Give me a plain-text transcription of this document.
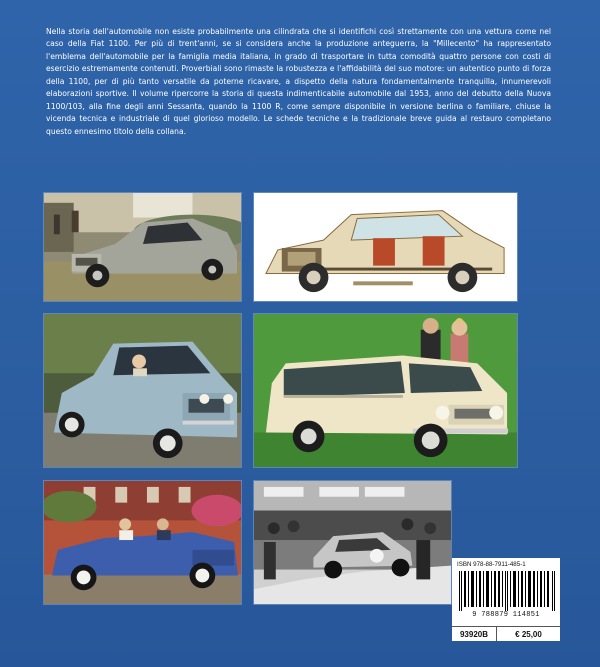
Nella storia dell'automobile non esiste probabilmente una cilindrata che si identifichi così strettamente con una vettura come nel caso della Fiat 1100. Per più di trent'anni, se si considera anche la produzione anteguerra, la "Millecento" ha rappresentato l'emblema dell'automobile per la famiglia media italiana, in grado di trasportare in tutta comodità quattro persone con costi di esercizio estremamente contenuti. Proverbiali sono rimaste la robustezza e l'affidabilità del suo motore: un autentico punto di forza della 1100, per di più tanto versatile da poterne ricavare, a dispetto della natura fondamentalmente tranquilla, innumerevoli elaborazioni sportive. Il volume ripercorre la storia di questa indimenticabile automobile dal 1953, anno del debutto della Nuova 1100/103, alla fine degli anni Sessanta, quando la 1100 R, come sempre disponibile in versione berlina o familiare, chiuse la vicenda tecnica e industriale di quel glorioso modello. Le schede tecniche e la tradizionale breve guida al restauro completano questo ennesimo titolo della collana.
ISBN 978-88-7911-485-1
9 788879 114851
93920B	€ 25,00
